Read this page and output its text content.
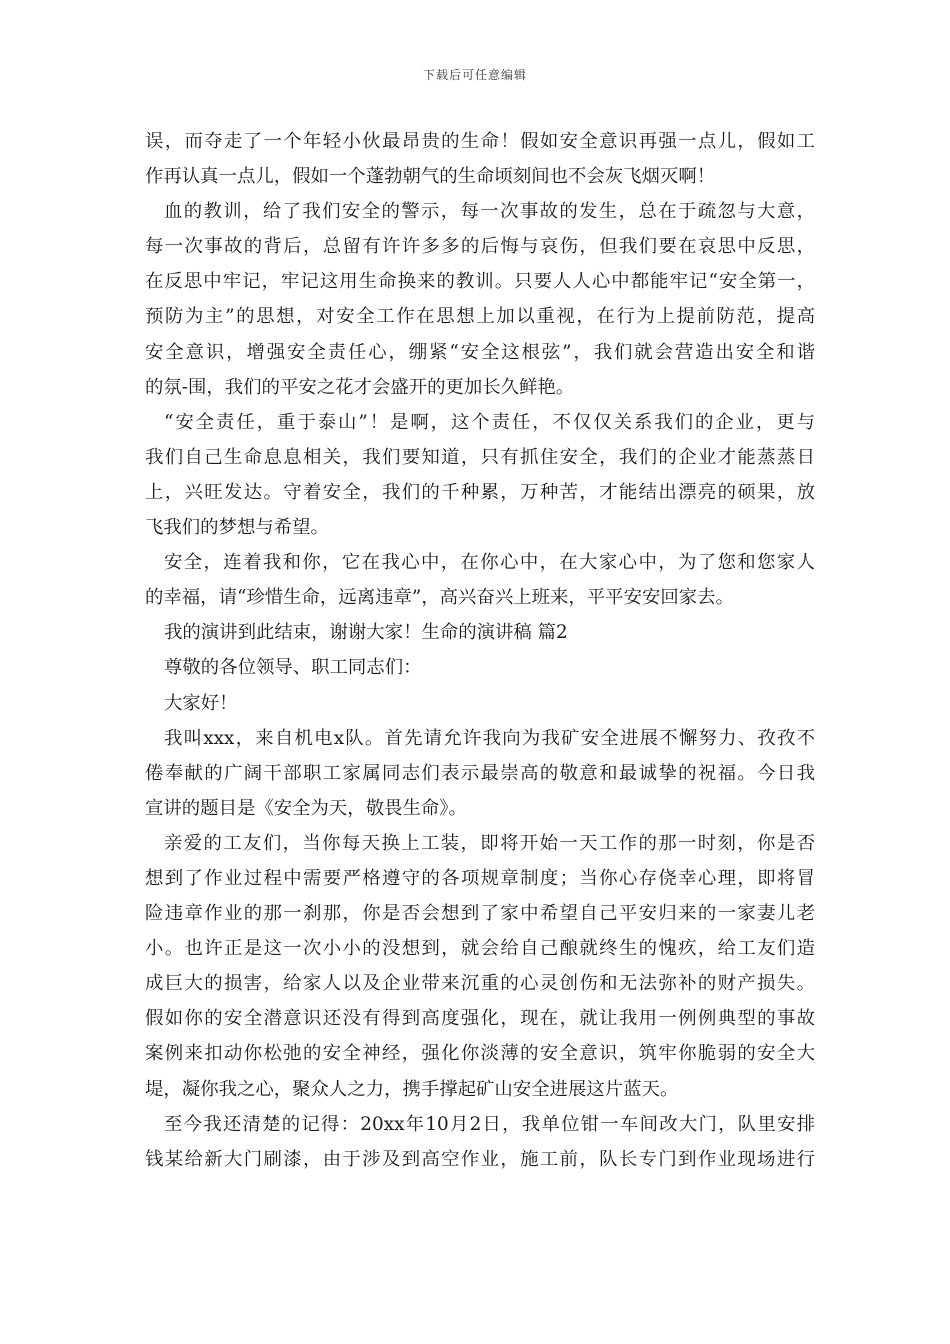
下载后可任意编辑
误，而夺走了一个年轻小伙最昂贵的生命！假如安全意识再强一点儿，假如工
作再认真一点儿，假如一个蓬勃朝气的生命顷刻间也不会灰飞烟灭啊！
血的教训，给了我们安全的警示，每一次事故的发生，总在于疏忽与大意，
每一次事故的背后，总留有许许多多的后悔与哀伤，但我们要在哀思中反思，
在反思中牢记，牢记这用生命换来的教训。只要人人心中都能牢记“安全第一，
预防为主”的思想，对安全工作在思想上加以重视，在行为上提前防范，提高
安全意识，增强安全责任心，绷紧“安全这根弦”，我们就会营造出安全和谐
的氛-围，我们的平安之花才会盛开的更加长久鲜艳。
“安全责任，重于泰山”！是啊，这个责任，不仅仅关系我们的企业，更与
我们自己生命息息相关，我们要知道，只有抓住安全，我们的企业才能蒸蒸日
上，兴旺发达。守着安全，我们的千种累，万种苦，才能结出漂亮的硕果，放
飞我们的梦想与希望。
安全，连着我和你，它在我心中，在你心中，在大家心中，为了您和您家人
的幸福，请“珍惜生命，远离违章”，高兴奋兴上班来，平平安安回家去。
我的演讲到此结束，谢谢大家！生命的演讲稿 篇2
尊敬的各位领导、职工同志们：
大家好！
我叫xxx，来自机电x队。首先请允许我向为我矿安全进展不懈努力、孜孜不
倦奉献的广阔干部职工家属同志们表示最崇高的敬意和最诚挚的祝福。今日我
宣讲的题目是《安全为天，敬畏生命》。
亲爱的工友们，当你每天换上工装，即将开始一天工作的那一时刻，你是否
想到了作业过程中需要严格遵守的各项规章制度；当你心存侥幸心理，即将冒
险违章作业的那一刹那，你是否会想到了家中希望自己平安归来的一家妻儿老
小。也许正是这一次小小的没想到，就会给自己酿就终生的愧疚，给工友们造
成巨大的损害，给家人以及企业带来沉重的心灵创伤和无法弥补的财产损失。
假如你的安全潜意识还没有得到高度强化，现在，就让我用一例例典型的事故
案例来扣动你松弛的安全神经，强化你淡薄的安全意识，筑牢你脆弱的安全大
堤，凝你我之心，聚众人之力，携手撑起矿山安全进展这片蓝天。
至今我还清楚的记得：20xx年10月2日，我单位钳一车间改大门，队里安排
钱某给新大门刷漆，由于涉及到高空作业，施工前，队长专门到作业现场进行
